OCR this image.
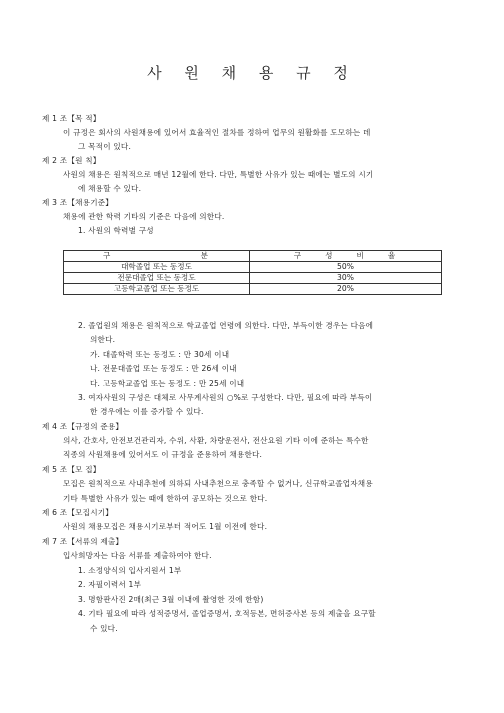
사 원 채 용 규 정
제 1 조【목 적】
이 규정은 회사의 사원채용에 있어서 효율적인 절차를 정하여 업무의 원활화를 도모하는 데
그 목적이 있다.
제 2 조【원 칙】
사원의 채용은 원칙적으로 매년 12월에 한다. 다만, 특별한 사유가 있는 때에는 별도의 시기
에 채용할 수 있다.
제 3 조【채용기준】
채용에 관한 학력 기타의 기준은 다음에 의한다.
1. 사원의 학력별 구성
구                    분	구     성     비     율
대학졸업 또는 동정도	50%
전문대졸업 또는 동정도	30%
고등학교졸업 또는 동정도	20%
2. 졸업원의 채용은 원칙적으로 학교졸업 연령에 의한다. 다만, 부득이한 경우는 다음에
의한다.
가. 대졸학력 또는 동정도 : 만 30세 이내
나. 전문대졸업 또는 동정도 : 만 26세 이내
다. 고등학교졸업 또는 동정도 : 만 25세 이내
3. 여자사원의 구성은 대체로 사무계사원의 ○%로 구성한다. 다만, 필요에 따라 부득이
한 경우에는 이를 증가할 수 있다.
제 4 조【규정의 준용】
의사, 간호사, 안전보건관리자, 수위, 사환, 차량운전사, 전산요원 기타 이에 준하는 특수한
직종의 사원채용에 있어서도 이 규정을 준용하여 채용한다.
제 5 조【모 집】
모집은 원칙적으로 사내추천에 의하되 사내추천으로 충족할 수 없거나, 신규학교졸업자채용
기타 특별한 사유가 있는 때에 한하여 공모하는 것으로 한다.
제 6 조【모집시기】
사원의 채용모집은 채용시기로부터 적어도 1월 이전에 한다.
제 7 조【서류의 제출】
입사희망자는 다음 서류를 제출하여야 한다.
1. 소정양식의 입사지원서 1부
2. 자필이력서 1부
3. 명함판사진 2매(최근 3월 이내에 촬영한 것에 한함)
4. 기타 필요에 따라 성적증명서, 졸업증명서, 호적등본, 면허증사본 등의 제출을 요구할
수 있다.
